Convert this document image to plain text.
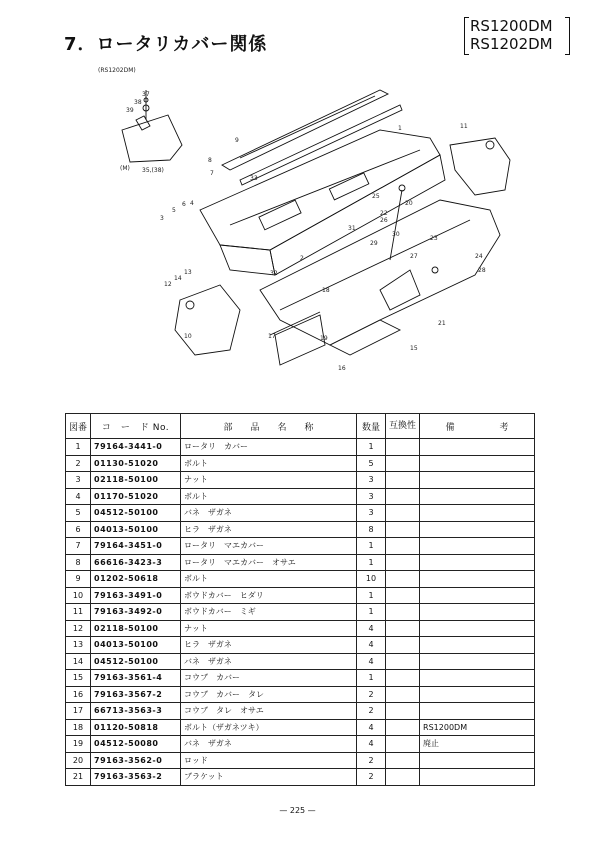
7．ロータリカバー関係
RS1200DM
RS1202DM
(RS1202DM)
(M) 35,(38)
1
2
3
4
5
6
7
8
9
10
11
12
13
14
15
16
17
18
19
20
21
22
23
24
25
26
27
28
29
30
31
32
33
37
38
39
図番	コ　ー　ド No.	部　　品　　名　　称	数量	互換性	備　　　　　考
1	79164-3441-0	ロータリ　カバー	1		
2	01130-51020	ボルト	5		
3	02118-50100	ナット	3		
4	01170-51020	ボルト	3		
5	04512-50100	バネ　ザガネ	3		
6	04013-50100	ヒラ　ザガネ	8		
7	79164-3451-0	ロータリ　マエカバー	1		
8	66616-3423-3	ロータリ　マエカバー　オサエ	1		
9	01202-50618	ボルト	10		
10	79163-3491-0	ボウドカバー　ヒダリ	1		
11	79163-3492-0	ボウドカバー　ミギ	1		
12	02118-50100	ナット	4		
13	04013-50100	ヒラ　ザガネ	4		
14	04512-50100	バネ　ザガネ	4		
15	79163-3561-4	コウブ　カバー	1		
16	79163-3567-2	コウブ　カバー　タレ	2		
17	66713-3563-3	コウブ　タレ　オサエ	2		
18	01120-50818	ボルト（ザガネツキ）	4		RS1200DM
19	04512-50080	バネ　ザガネ	4		廃止
20	79163-3562-0	ロッド	2		
21	79163-3563-2	ブラケット	2		
— 225 —
